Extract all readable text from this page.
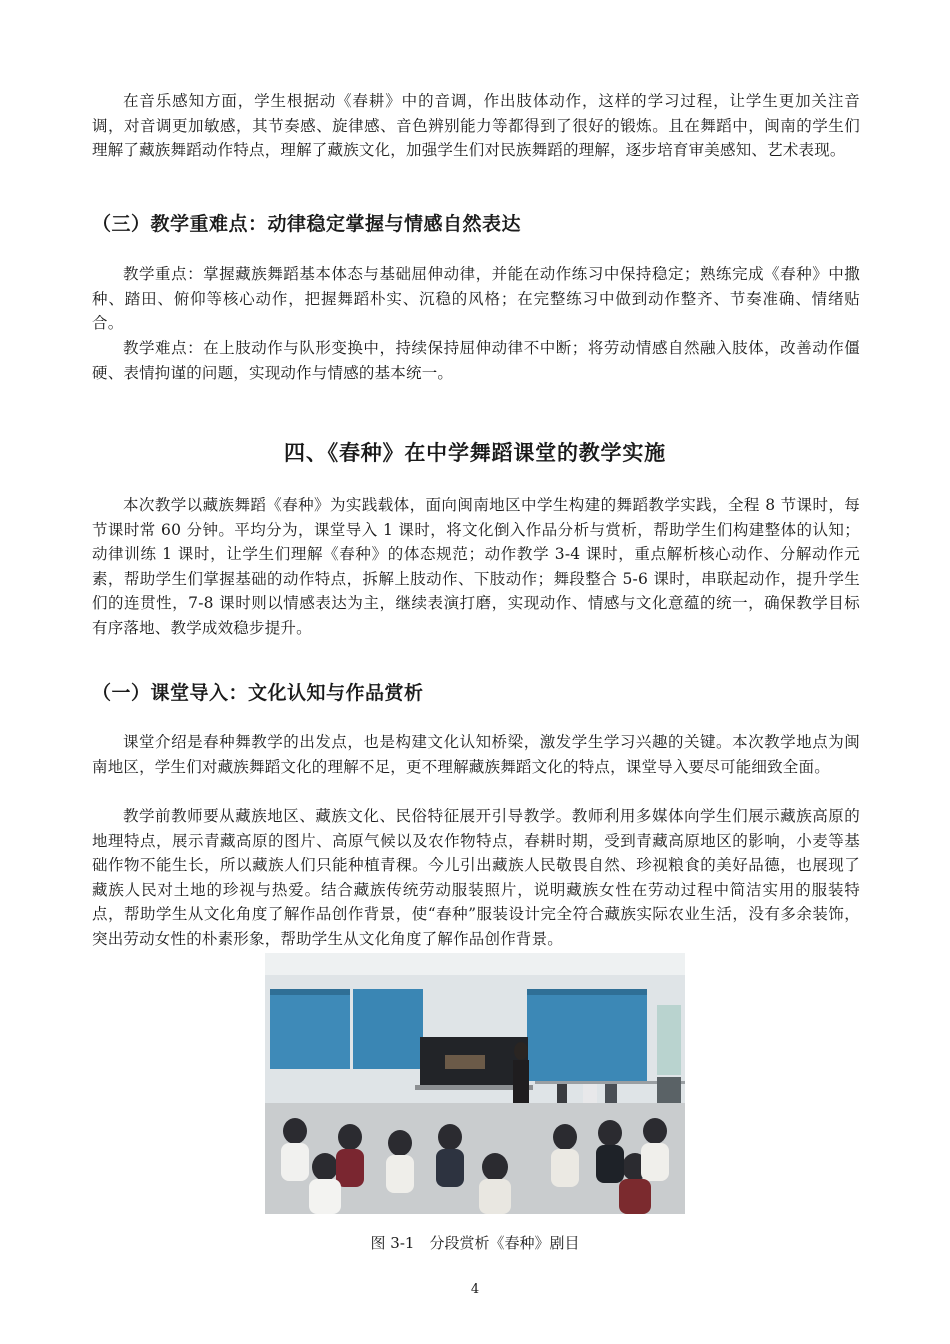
在音乐感知方面，学生根据动《春耕》中的音调，作出肢体动作，这样的学习过程，让学生更加关注音调，对音调更加敏感，其节奏感、旋律感、音色辨别能力等都得到了很好的锻炼。且在舞蹈中，闽南的学生们理解了藏族舞蹈动作特点，理解了藏族文化，加强学生们对民族舞蹈的理解，逐步培育审美感知、艺术表现。

（三）教学重难点：动律稳定掌握与情感自然表达

教学重点：掌握藏族舞蹈基本体态与基础屈伸动律，并能在动作练习中保持稳定；熟练完成《春种》中撒种、踏田、俯仰等核心动作，把握舞蹈朴实、沉稳的风格；在完整练习中做到动作整齐、节奏准确、情绪贴合。

教学难点：在上肢动作与队形变换中，持续保持屈伸动律不中断；将劳动情感自然融入肢体，改善动作僵硬、表情拘谨的问题，实现动作与情感的基本统一。

四、《春种》在中学舞蹈课堂的教学实施

本次教学以藏族舞蹈《春种》为实践载体，面向闽南地区中学生构建的舞蹈教学实践，全程 8 节课时，每节课时常 60 分钟。平均分为，课堂导入 1 课时，将文化倒入作品分析与赏析，帮助学生们构建整体的认知；动律训练 1 课时，让学生们理解《春种》的体态规范；动作教学 3-4 课时，重点解析核心动作、分解动作元素，帮助学生们掌握基础的动作特点，拆解上肢动作、下肢动作；舞段整合 5-6 课时，串联起动作，提升学生们的连贯性，7-8 课时则以情感表达为主，继续表演打磨，实现动作、情感与文化意蕴的统一，确保教学目标有序落地、教学成效稳步提升。

（一）课堂导入：文化认知与作品赏析

课堂介绍是春种舞教学的出发点，也是构建文化认知桥梁，激发学生学习兴趣的关键。本次教学地点为闽南地区，学生们对藏族舞蹈文化的理解不足，更不理解藏族舞蹈文化的特点，课堂导入要尽可能细致全面。

教学前教师要从藏族地区、藏族文化、民俗特征展开引导教学。教师利用多媒体向学生们展示藏族高原的地理特点，展示青藏高原的图片、高原气候以及农作物特点，春耕时期，受到青藏高原地区的影响，小麦等基础作物不能生长，所以藏族人们只能种植青稞。今儿引出藏族人民敬畏自然、珍视粮食的美好品德，也展现了藏族人民对土地的珍视与热爱。结合藏族传统劳动服装照片，说明藏族女性在劳动过程中简洁实用的服装特点，帮助学生从文化角度了解作品创作背景，使“春种”服装设计完全符合藏族实际农业生活，没有多余装饰，突出劳动女性的朴素形象，帮助学生从文化角度了解作品创作背景。

图 3-1　分段赏析《春种》剧目

4
